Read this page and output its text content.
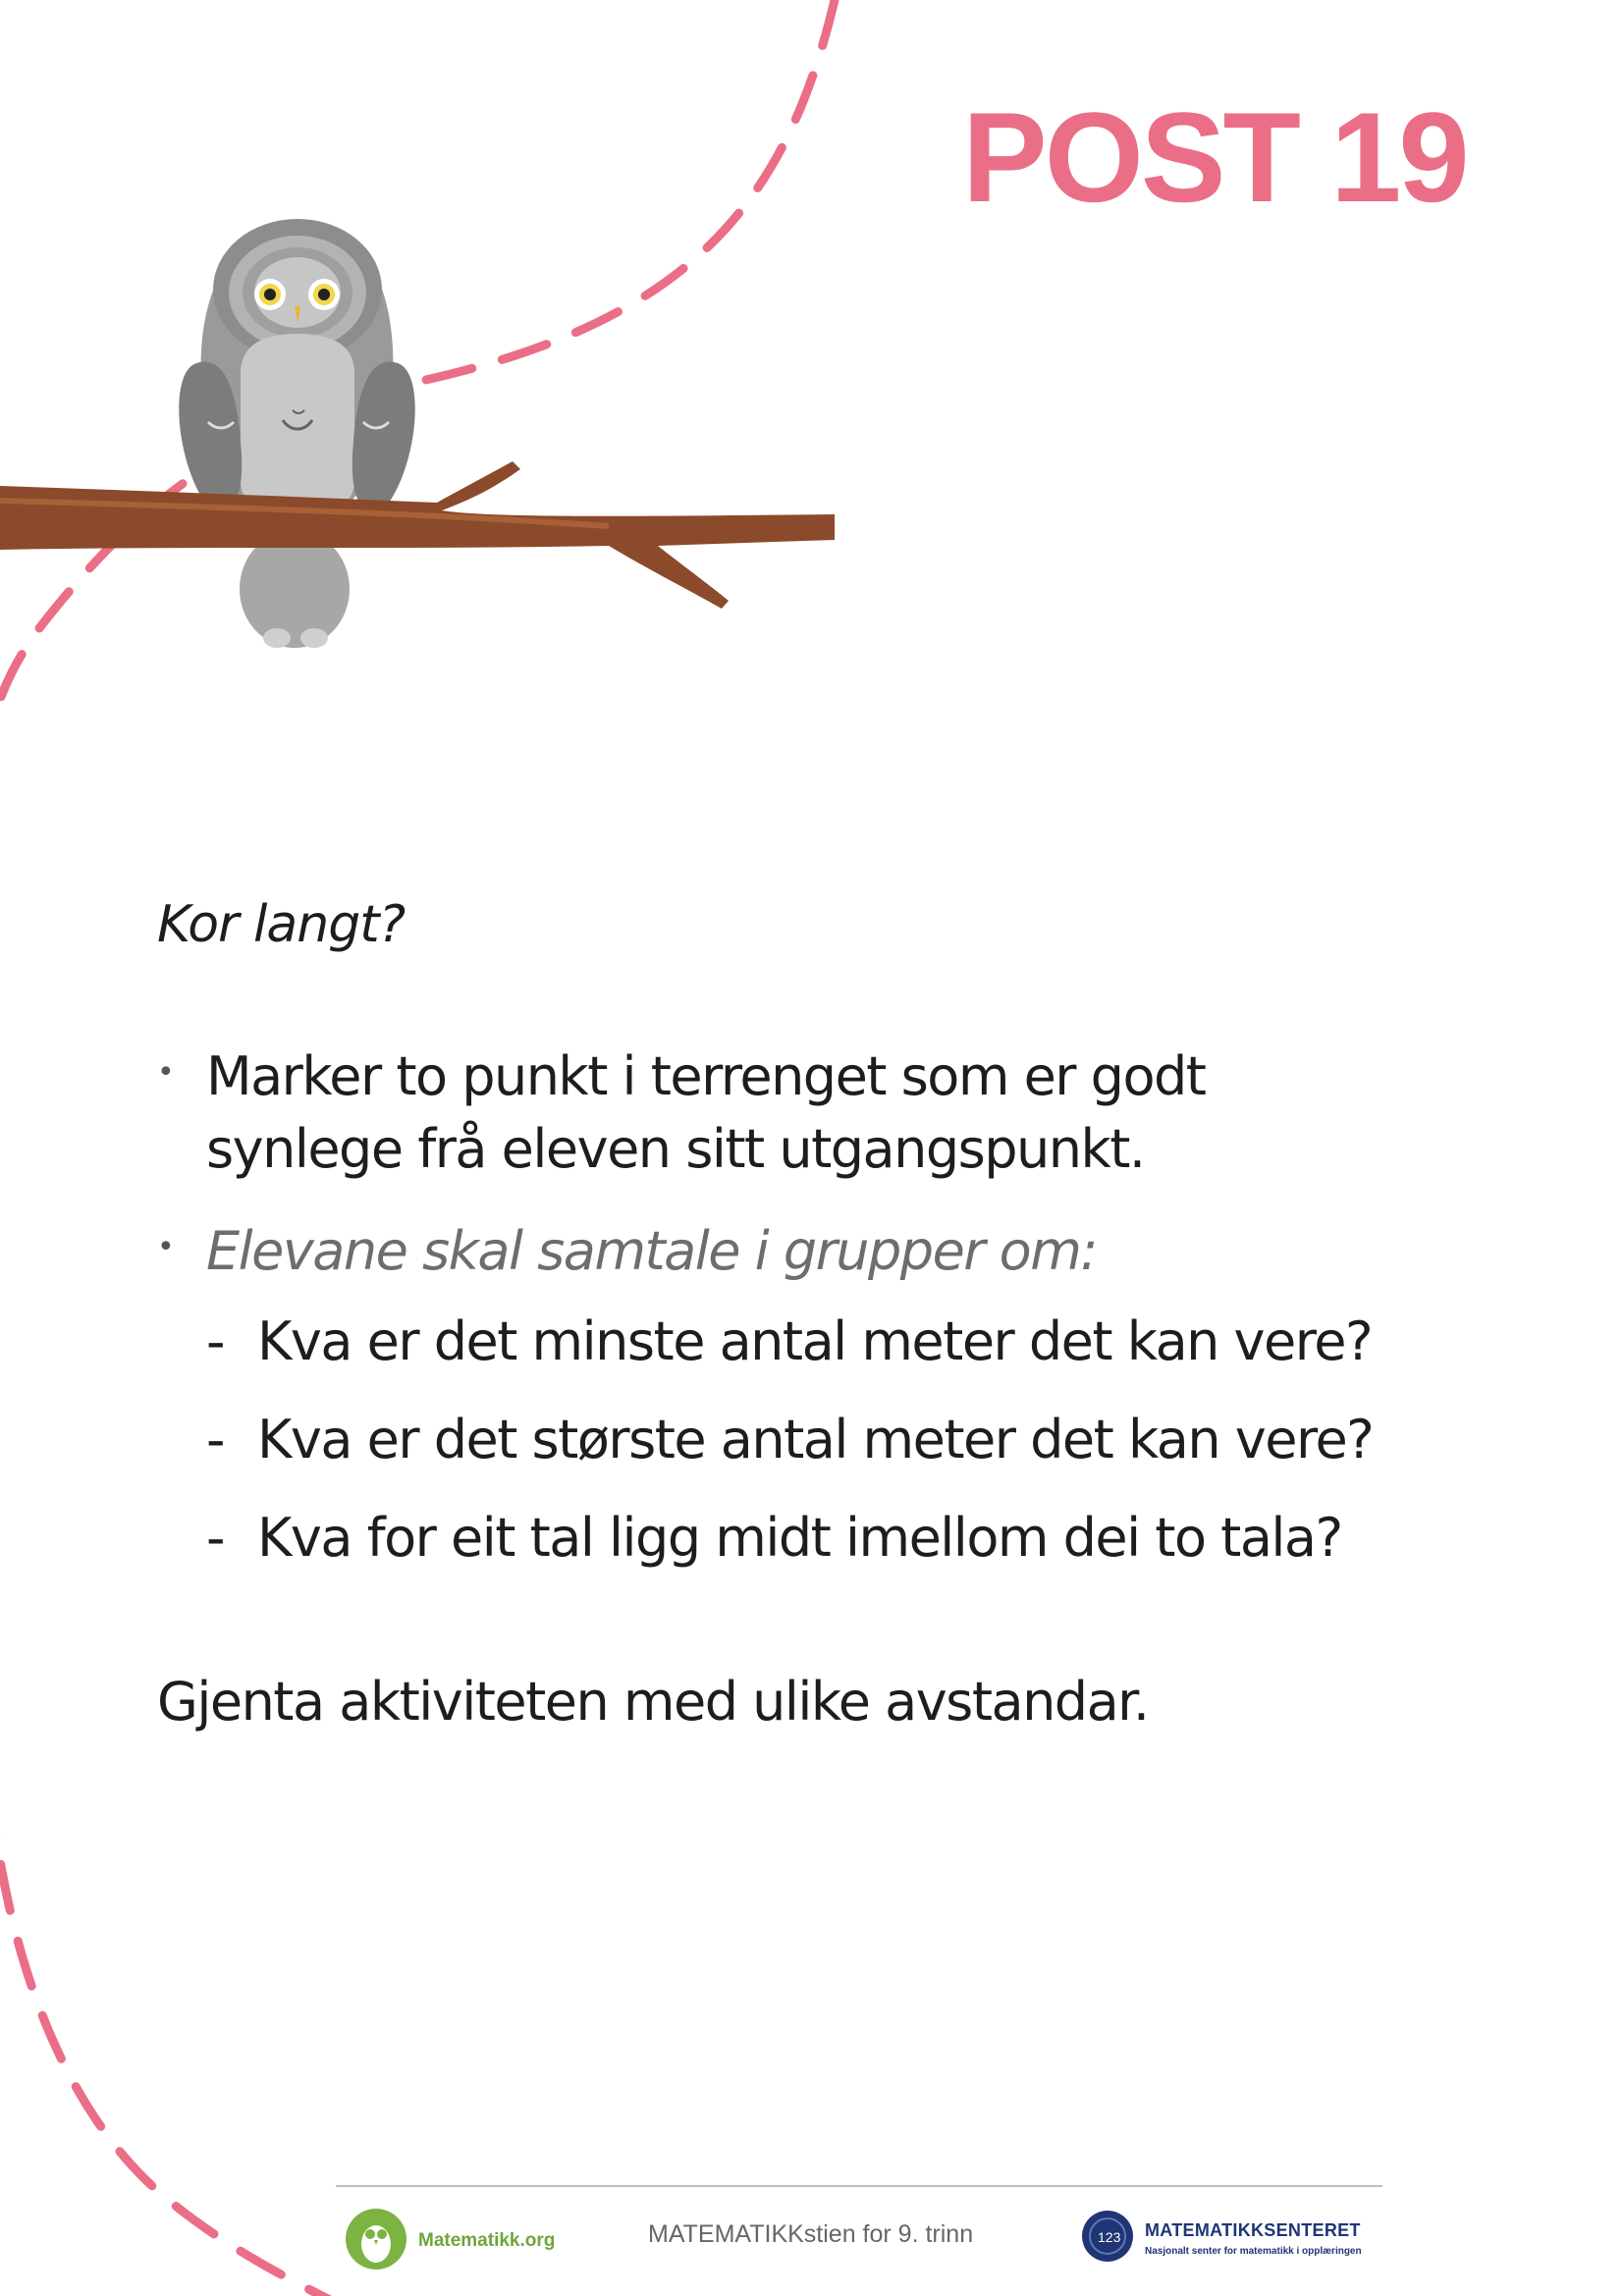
POST 19
Kor langt?
• Marker to punkt i terrenget som er godt
synlege frå eleven sitt utgangspunkt.
• Elevane skal samtale i grupper om:
- Kva er det minste antal meter det kan vere?
- Kva er det største antal meter det kan vere?
- Kva for eit tal ligg midt imellom dei to tala?
Gjenta aktiviteten med ulike avstandar.
Matematikk.org	MATEMATIKKstien for 9. trinn	123 MATEMATIKKSENTERET
Nasjonalt senter for matematikk i opplæringen
